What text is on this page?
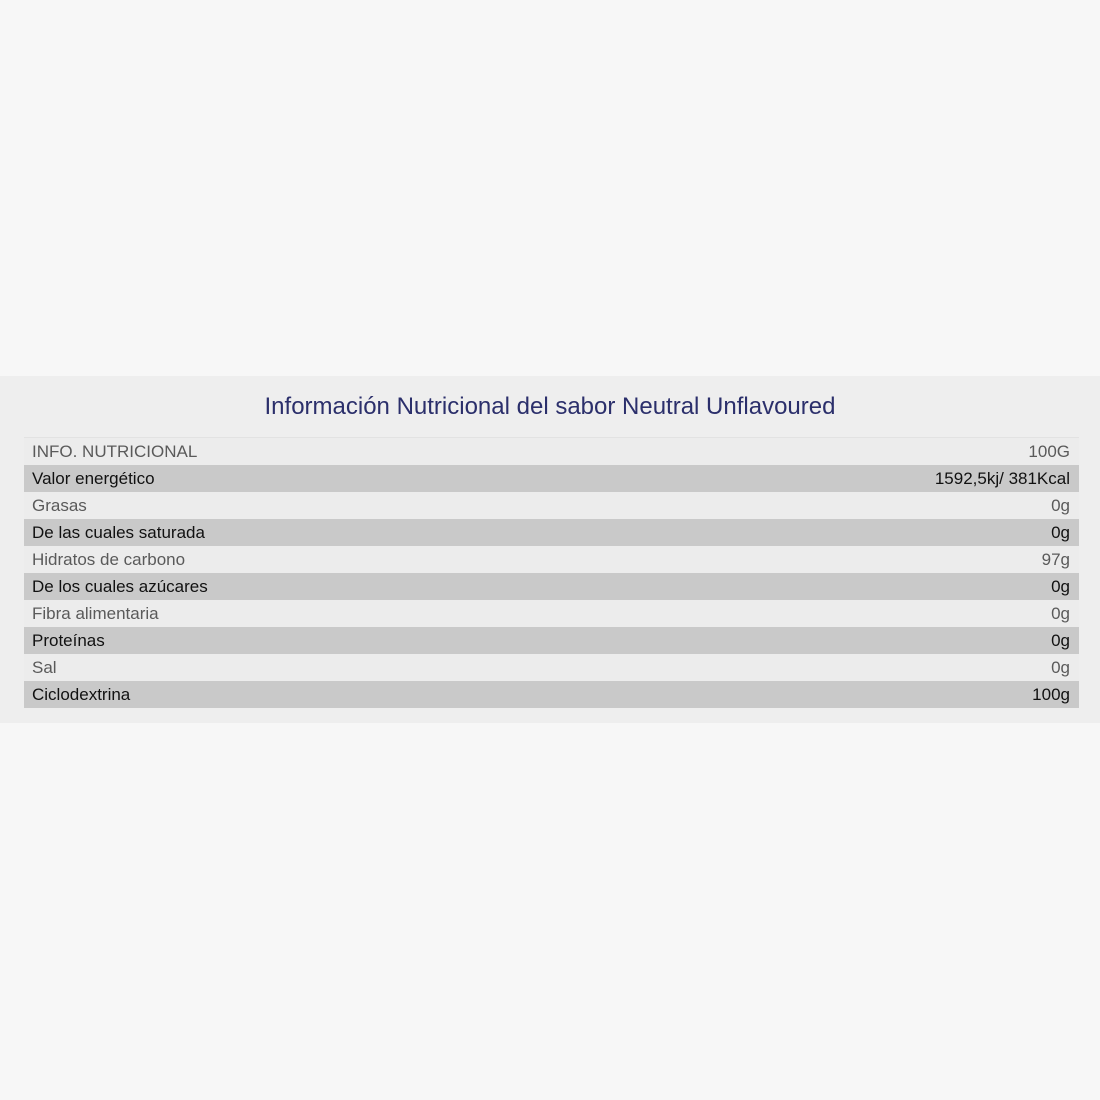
Información Nutricional del sabor Neutral Unflavoured
INFO. NUTRICIONAL	100G
Valor energético	1592,5kj/ 381Kcal
Grasas	0g
De las cuales saturada	0g
Hidratos de carbono	97g
De los cuales azúcares	0g
Fibra alimentaria	0g
Proteínas	0g
Sal	0g
Ciclodextrina	100g
